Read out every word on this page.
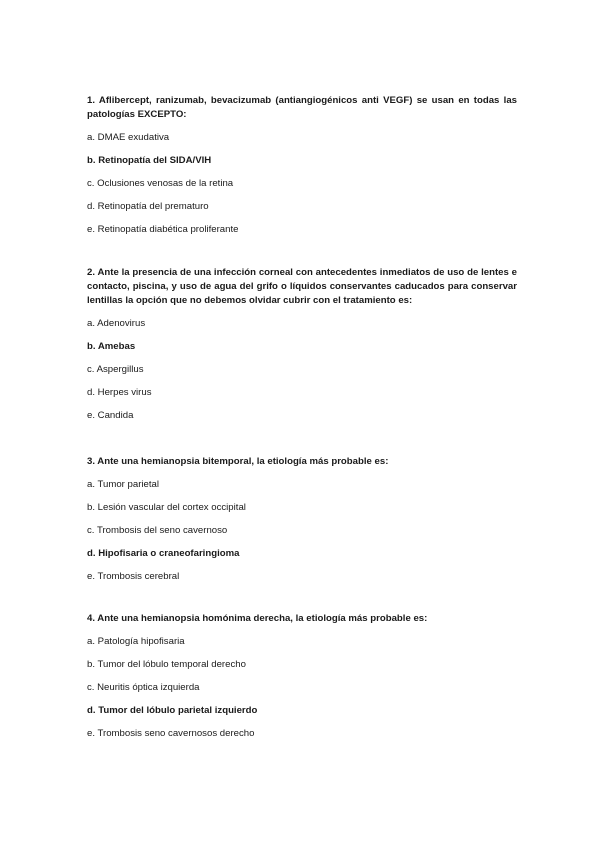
1. Aflibercept, ranizumab, bevacizumab (antiangiogénicos anti VEGF) se usan en todas las patologías EXCEPTO:

a. DMAE exudativa
b. Retinopatía del SIDA/VIH
c. Oclusiones venosas de la retina
d. Retinopatía del prematuro
e. Retinopatía diabética proliferante

2. Ante la presencia de una infección corneal con antecedentes inmediatos de uso de lentes e contacto, piscina, y uso de agua del grifo o líquidos conservantes caducados para conservar lentillas la opción que no debemos olvidar cubrir con el tratamiento es:

a. Adenovirus
b. Amebas
c. Aspergillus
d. Herpes virus
e. Candida

3. Ante una hemianopsia bitemporal, la etiología más probable es:

a. Tumor parietal
b. Lesión vascular del cortex occipital
c. Trombosis del seno cavernoso
d. Hipofisaria o craneofaringioma
e. Trombosis cerebral

4. Ante una hemianopsia homónima derecha, la etiología más probable es:

a. Patología hipofisaria
b. Tumor del lóbulo temporal derecho
c. Neuritis óptica izquierda
d. Tumor del lóbulo parietal izquierdo
e. Trombosis seno cavernosos derecho
